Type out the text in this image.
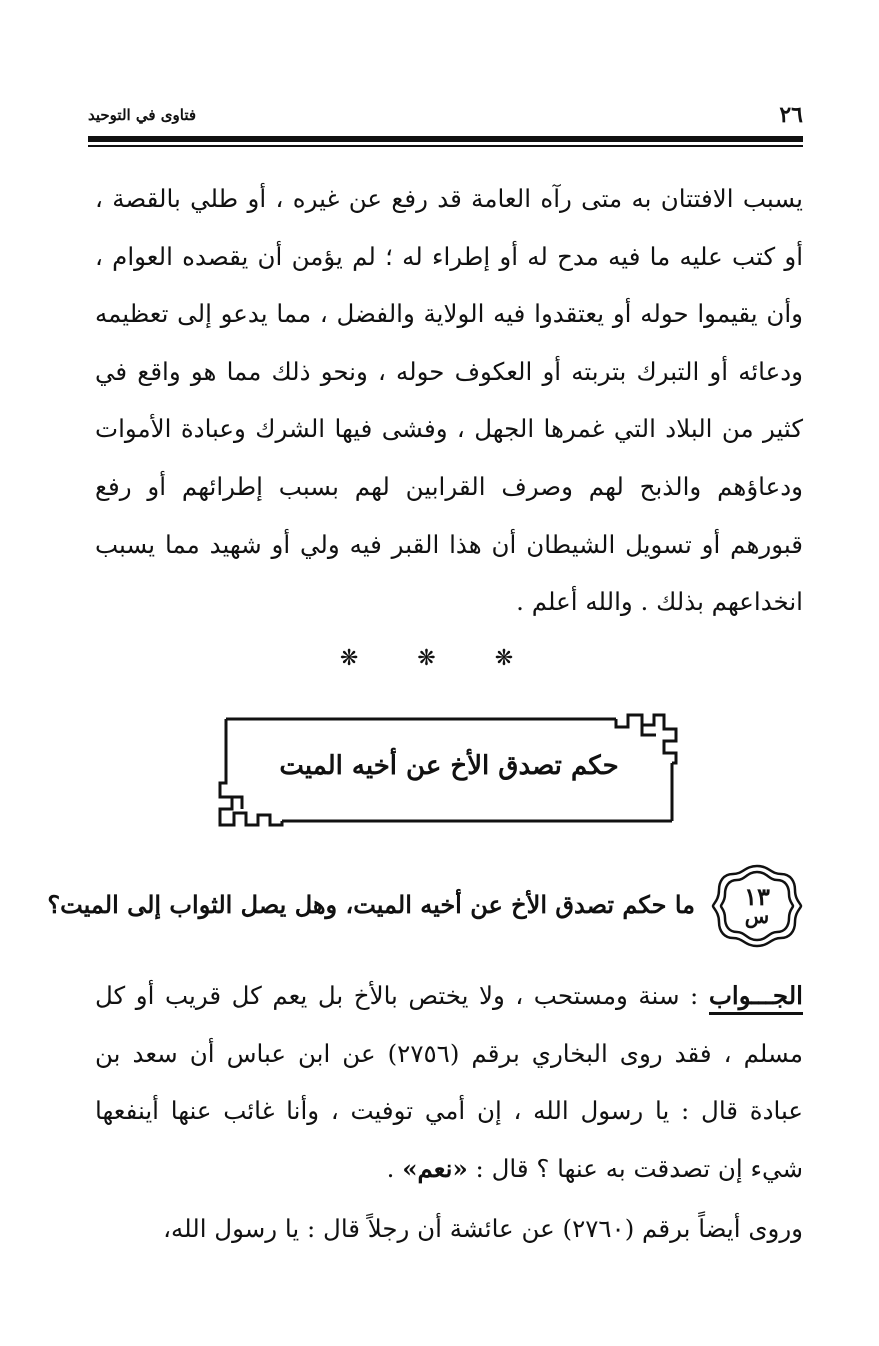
٢٦
فتاوى في التوحيد

يسبب الافتتان به متى رآه العامة قد رفع عن غيره ، أو طلي بالقصة ، أو كتب عليه ما فيه مدح له أو إطراء له ؛ لم يؤمن أن يقصده العوام ، وأن يقيموا حوله أو يعتقدوا فيه الولاية والفضل ، مما يدعو إلى تعظيمه ودعائه أو التبرك بتربته أو العكوف حوله ، ونحو ذلك مما هو واقع في كثير من البلاد التي غمرها الجهل ، وفشى فيها الشرك وعبادة الأموات ودعاؤهم والذبح لهم وصرف القرابين لهم بسبب إطرائهم أو رفع قبورهم أو تسويل الشيطان أن هذا القبر فيه ولي أو شهيد مما يسبب انخداعهم بذلك . والله أعلم .

❋ ❋ ❋
حكم تصدق الأخ عن أخيه الميت
١٣
س
ما حكم تصدق الأخ عن أخيه الميت، وهل يصل الثواب إلى الميت؟

الجـــواب : سنة ومستحب ، ولا يختص بالأخ بل يعم كل قريب أو كل مسلم ، فقد روى البخاري برقم (٢٧٥٦) عن ابن عباس أن سعد بن عبادة قال : يا رسول الله ، إن أمي توفيت ، وأنا غائب عنها أينفعها شيء إن تصدقت به عنها ؟ قال : «نعم» .

وروى أيضاً برقم (٢٧٦٠) عن عائشة أن رجلاً قال : يا رسول الله،
